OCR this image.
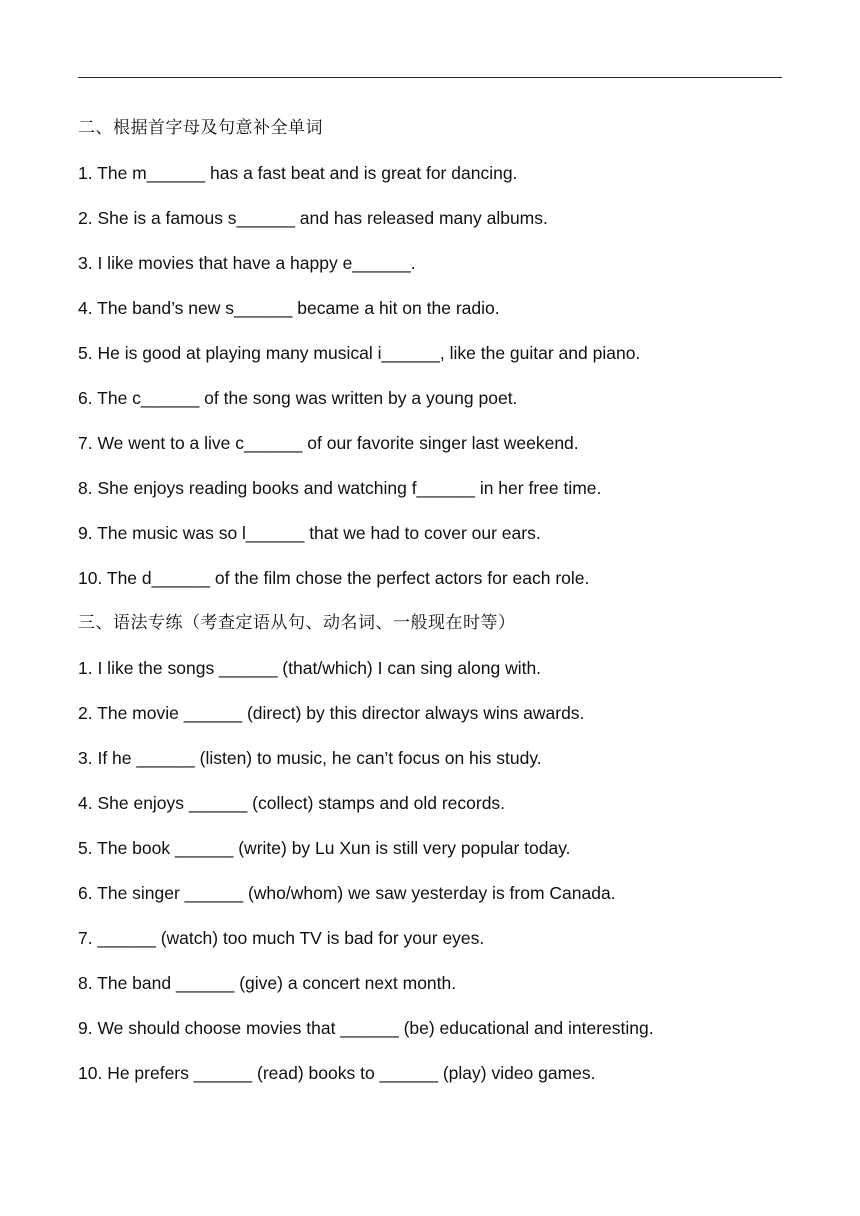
二、根据首字母及句意补全单词
1. The m______ has a fast beat and is great for dancing.
2. She is a famous s______ and has released many albums.
3. I like movies that have a happy e______.
4. The band’s new s______ became a hit on the radio.
5. He is good at playing many musical i______, like the guitar and piano.
6. The c______ of the song was written by a young poet.
7. We went to a live c______ of our favorite singer last weekend.
8. She enjoys reading books and watching f______ in her free time.
9. The music was so l______ that we had to cover our ears.
10. The d______ of the film chose the perfect actors for each role.
三、语法专练（考查定语从句、动名词、一般现在时等）
1. I like the songs ______ (that/which) I can sing along with.
2. The movie ______ (direct) by this director always wins awards.
3. If he ______ (listen) to music, he can’t focus on his study.
4. She enjoys ______ (collect) stamps and old records.
5. The book ______ (write) by Lu Xun is still very popular today.
6. The singer ______ (who/whom) we saw yesterday is from Canada.
7. ______ (watch) too much TV is bad for your eyes.
8. The band ______ (give) a concert next month.
9. We should choose movies that ______ (be) educational and interesting.
10. He prefers ______ (read) books to ______ (play) video games.
